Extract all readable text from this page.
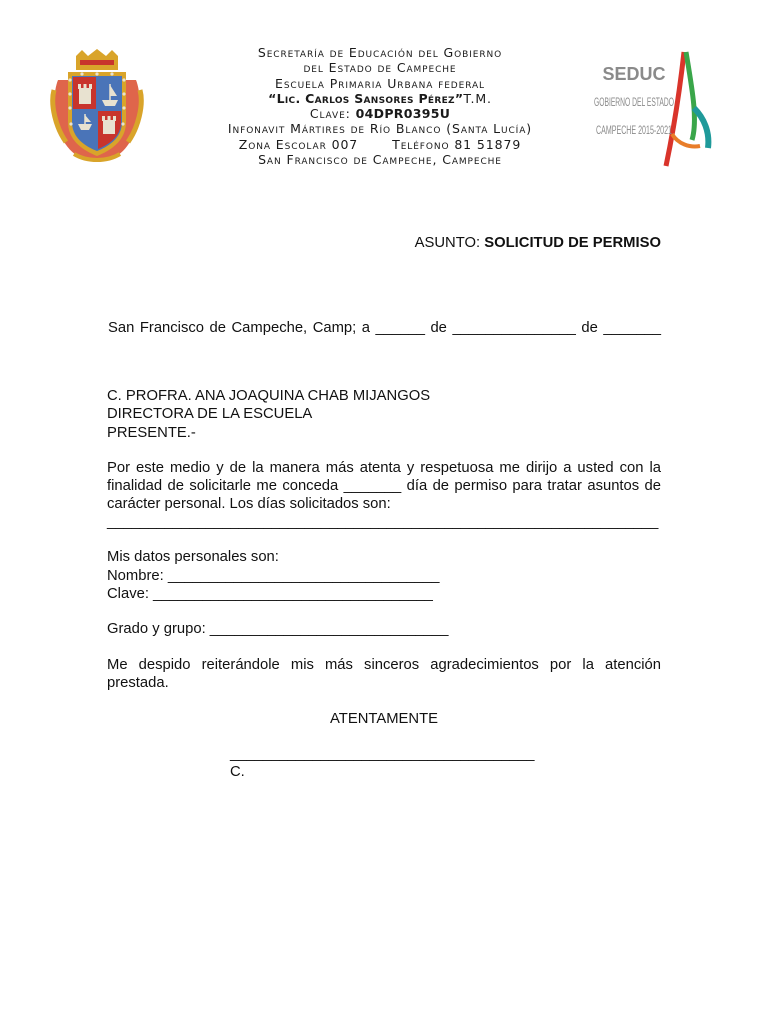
SEDUC
GOBIERNO DEL ESTADO
CAMPECHE 2015-2021
Secretaría de Educación del Gobierno
del Estado de Campeche
Escuela Primaria Urbana federal
“Lic. Carlos Sansores Pérez”T.M.
Clave: 04DPR0395U
Infonavit Mártires de Río Blanco (Santa Lucía)
Zona Escolar 007	Teléfono 81 51879
San Francisco de Campeche, Campeche
ASUNTO: SOLICITUD DE PERMISO
San Francisco de Campeche, Camp; a ______ de _______________ de _______
C. PROFRA. ANA JOAQUINA CHAB MIJANGOS
DIRECTORA DE LA ESCUELA
PRESENTE.-
Por este medio y de la manera más atenta y respetuosa me dirijo a usted con la
finalidad de solicitarle me conceda _______ día de permiso para tratar asuntos de
carácter personal. Los días solicitados son:
___________________________________________________________________
Mis datos personales son:
Nombre: _________________________________
Clave: __________________________________
Grado y grupo: _____________________________
Me despido reiterándole mis más sinceros agradecimientos por la atención
prestada.
ATENTAMENTE
_____________________________________
C.
